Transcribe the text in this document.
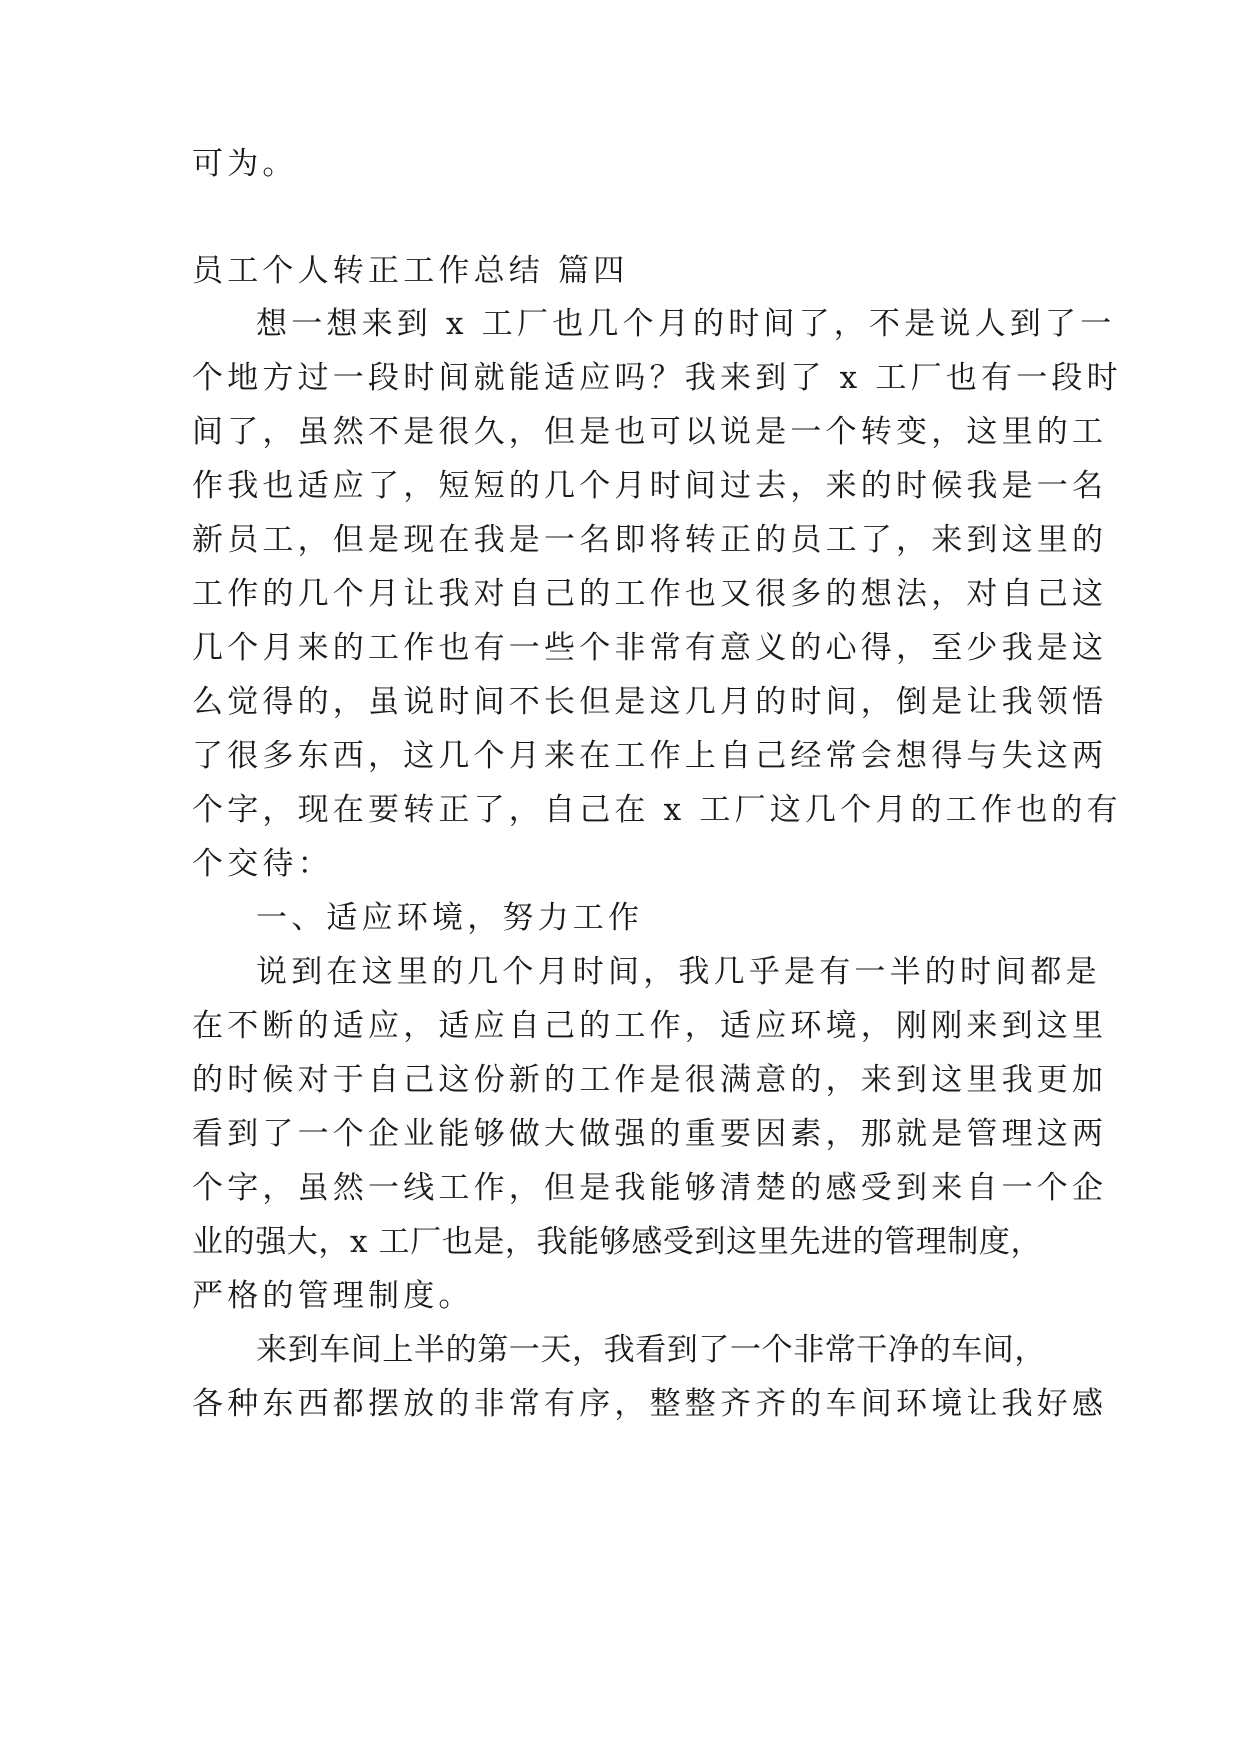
可为。

员工个人转正工作总结 篇四

想一想来到 x 工厂也几个月的时间了，不是说人到了一

个地方过一段时间就能适应吗？我来到了 x 工厂也有一段时

间了，虽然不是很久，但是也可以说是一个转变，这里的工

作我也适应了，短短的几个月时间过去，来的时候我是一名

新员工，但是现在我是一名即将转正的员工了，来到这里的

工作的几个月让我对自己的工作也又很多的想法，对自己这

几个月来的工作也有一些个非常有意义的心得，至少我是这

么觉得的，虽说时间不长但是这几月的时间，倒是让我领悟

了很多东西，这几个月来在工作上自己经常会想得与失这两

个字，现在要转正了，自己在 x 工厂这几个月的工作也的有

个交待：

一、适应环境，努力工作

说到在这里的几个月时间，我几乎是有一半的时间都是

在不断的适应，适应自己的工作，适应环境，刚刚来到这里

的时候对于自己这份新的工作是很满意的，来到这里我更加

看到了一个企业能够做大做强的重要因素，那就是管理这两

个字，虽然一线工作，但是我能够清楚的感受到来自一个企

业的强大，x 工厂也是，我能够感受到这里先进的管理制度，

严格的管理制度。

来到车间上半的第一天，我看到了一个非常干净的车间，

各种东西都摆放的非常有序，整整齐齐的车间环境让我好感
